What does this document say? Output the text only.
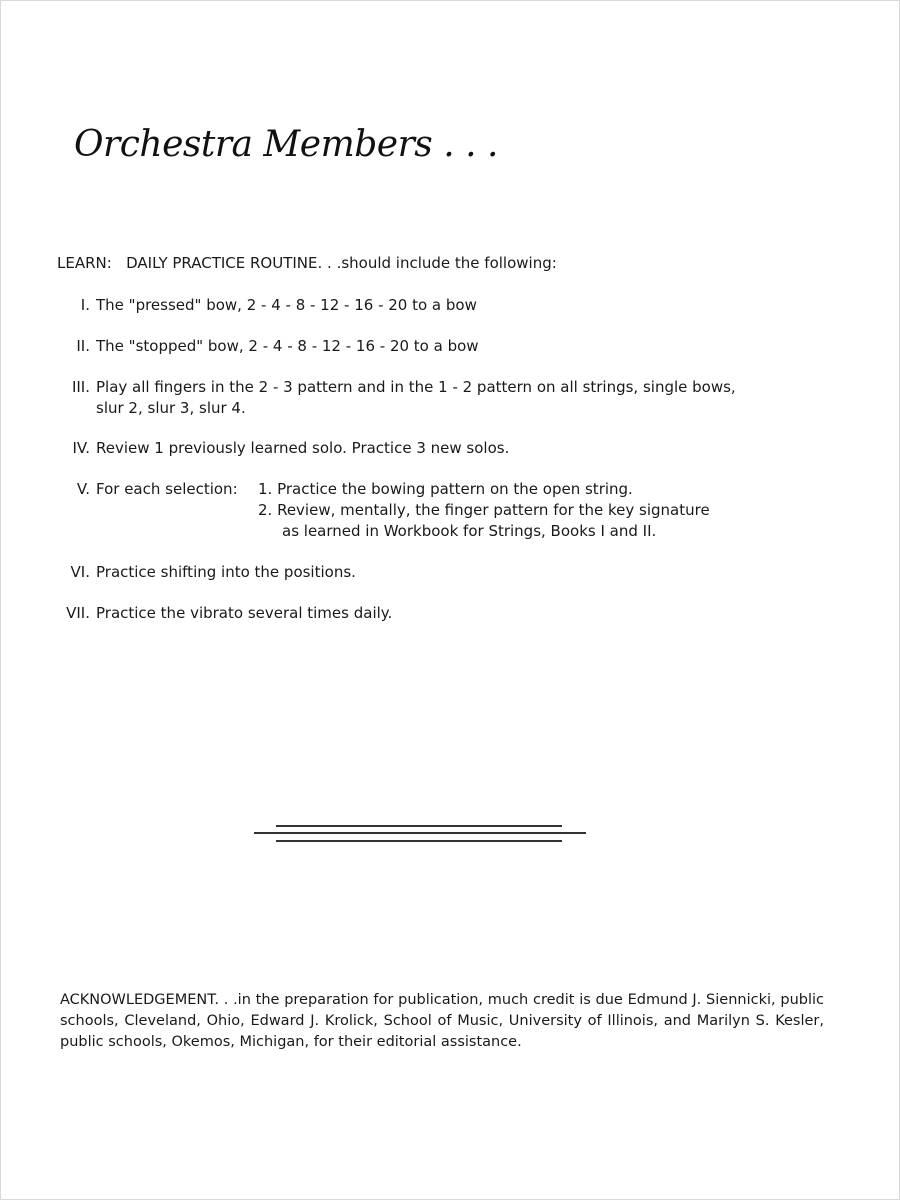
Orchestra Members . . .
LEARN: DAILY PRACTICE ROUTINE. . .should include the following:
I. The "pressed" bow, 2 - 4 - 8 - 12 - 16 - 20 to a bow
II. The "stopped" bow, 2 - 4 - 8 - 12 - 16 - 20 to a bow
III. Play all fingers in the 2 - 3 pattern and in the 1 - 2 pattern on all strings, single bows,
slur 2, slur 3, slur 4.
IV. Review 1 previously learned solo. Practice 3 new solos.
V. For each selection: 1. Practice the bowing pattern on the open string.
2. Review, mentally, the finger pattern for the key signature
as learned in Workbook for Strings, Books I and II.
VI. Practice shifting into the positions.
VII. Practice the vibrato several times daily.
ACKNOWLEDGEMENT. . .in the preparation for publication, much credit is due Edmund J. Siennicki, public schools, Cleveland, Ohio, Edward J. Krolick, School of Music, University of Illinois, and Marilyn S. Kesler, public schools, Okemos, Michigan, for their editorial assistance.
